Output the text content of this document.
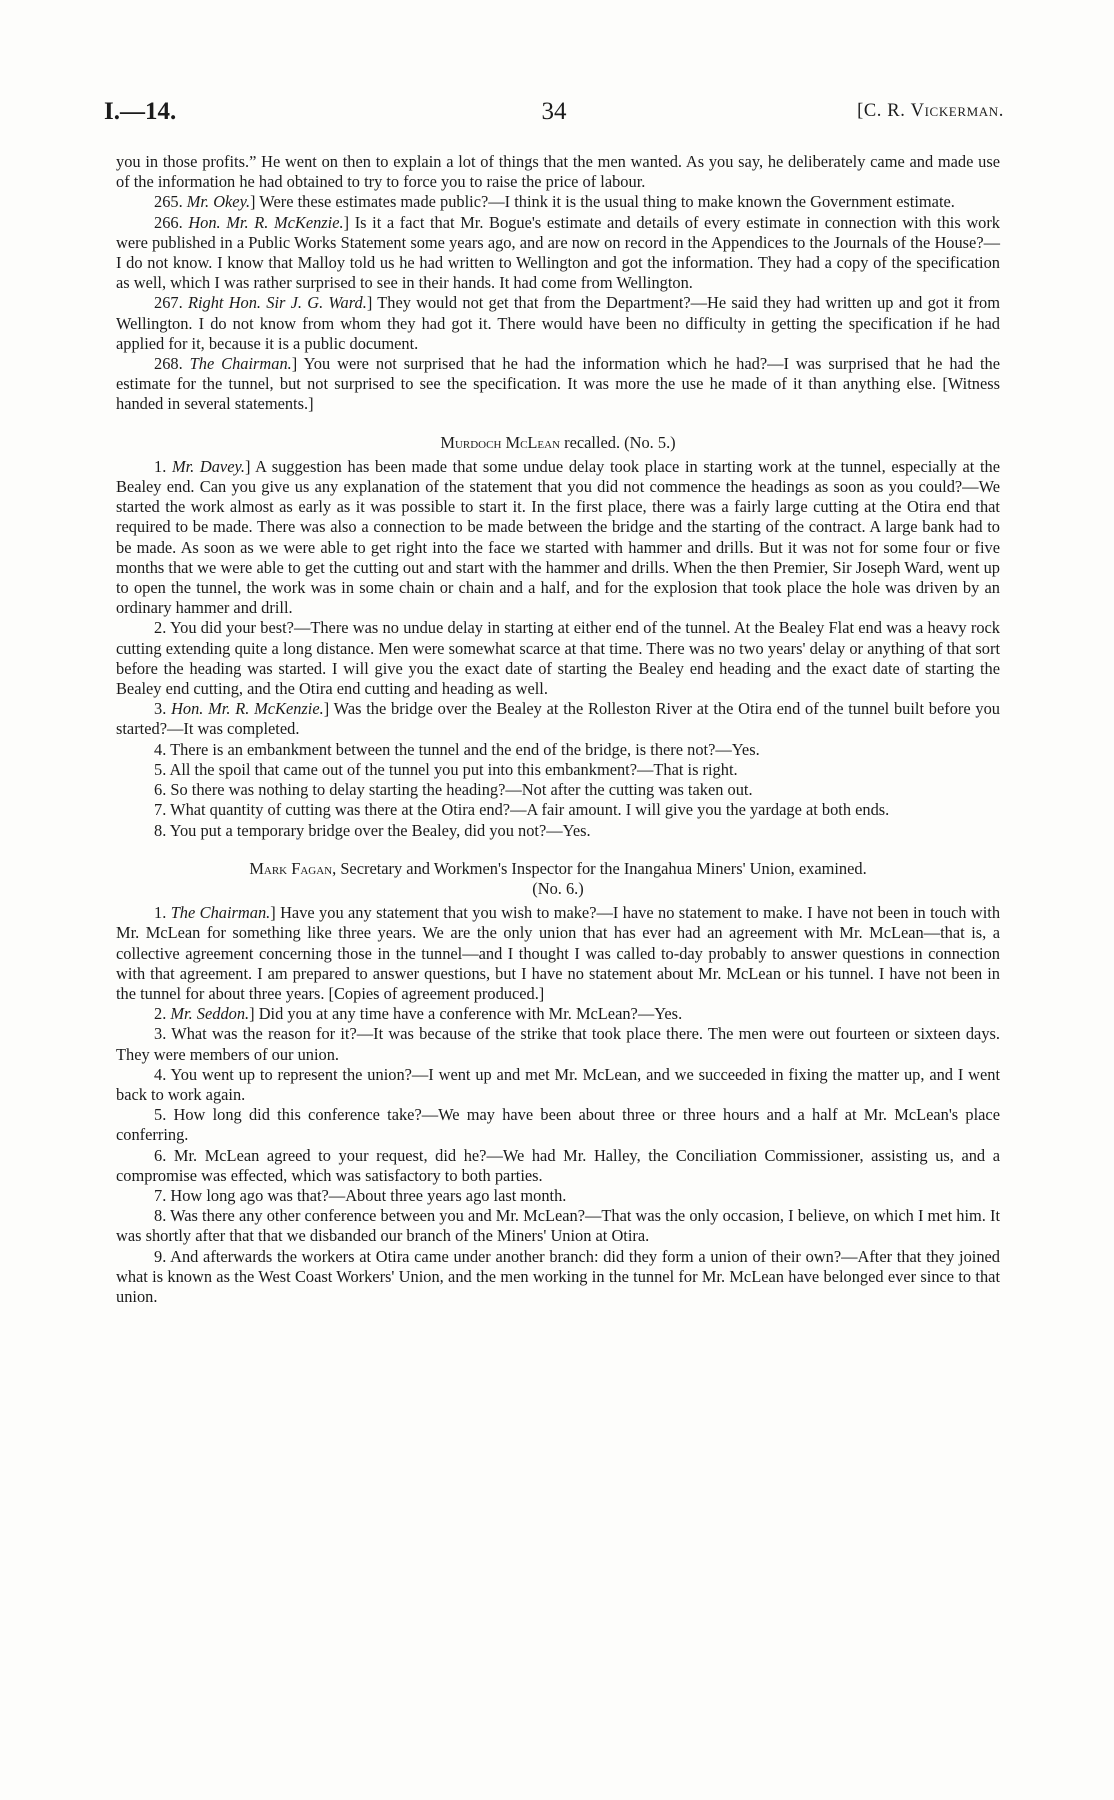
I.—14.	34	[C. R. Vickerman.

you in those profits.” He went on then to explain a lot of things that the men wanted. As you say, he deliberately came and made use of the information he had obtained to try to force you to raise the price of labour.

265. Mr. Okey.] Were these estimates made public?—I think it is the usual thing to make known the Government estimate.

266. Hon. Mr. R. McKenzie.] Is it a fact that Mr. Bogue's estimate and details of every estimate in connection with this work were published in a Public Works Statement some years ago, and are now on record in the Appendices to the Journals of the House?—I do not know. I know that Malloy told us he had written to Wellington and got the information. They had a copy of the specification as well, which I was rather surprised to see in their hands. It had come from Wellington.

267. Right Hon. Sir J. G. Ward.] They would not get that from the Department?—He said they had written up and got it from Wellington. I do not know from whom they had got it. There would have been no difficulty in getting the specification if he had applied for it, because it is a public document.

268. The Chairman.] You were not surprised that he had the information which he had?—I was surprised that he had the estimate for the tunnel, but not surprised to see the specification. It was more the use he made of it than anything else. [Witness handed in several statements.]

Murdoch McLean recalled. (No. 5.)

1. Mr. Davey.] A suggestion has been made that some undue delay took place in starting work at the tunnel, especially at the Bealey end. Can you give us any explanation of the statement that you did not commence the headings as soon as you could?—We started the work almost as early as it was possible to start it. In the first place, there was a fairly large cutting at the Otira end that required to be made. There was also a connection to be made between the bridge and the starting of the contract. A large bank had to be made. As soon as we were able to get right into the face we started with hammer and drills. But it was not for some four or five months that we were able to get the cutting out and start with the hammer and drills. When the then Premier, Sir Joseph Ward, went up to open the tunnel, the work was in some chain or chain and a half, and for the explosion that took place the hole was driven by an ordinary hammer and drill.

2. You did your best?—There was no undue delay in starting at either end of the tunnel. At the Bealey Flat end was a heavy rock cutting extending quite a long distance. Men were somewhat scarce at that time. There was no two years' delay or anything of that sort before the heading was started. I will give you the exact date of starting the Bealey end heading and the exact date of starting the Bealey end cutting, and the Otira end cutting and heading as well.

3. Hon. Mr. R. McKenzie.] Was the bridge over the Bealey at the Rolleston River at the Otira end of the tunnel built before you started?—It was completed.

4. There is an embankment between the tunnel and the end of the bridge, is there not?—Yes.

5. All the spoil that came out of the tunnel you put into this embankment?—That is right.

6. So there was nothing to delay starting the heading?—Not after the cutting was taken out.

7. What quantity of cutting was there at the Otira end?—A fair amount. I will give you the yardage at both ends.

8. You put a temporary bridge over the Bealey, did you not?—Yes.

Mark Fagan, Secretary and Workmen's Inspector for the Inangahua Miners' Union, examined.
(No. 6.)

1. The Chairman.] Have you any statement that you wish to make?—I have no statement to make. I have not been in touch with Mr. McLean for something like three years. We are the only union that has ever had an agreement with Mr. McLean—that is, a collective agreement concerning those in the tunnel—and I thought I was called to-day probably to answer questions in connection with that agreement. I am prepared to answer questions, but I have no statement about Mr. McLean or his tunnel. I have not been in the tunnel for about three years. [Copies of agreement produced.]

2. Mr. Seddon.] Did you at any time have a conference with Mr. McLean?—Yes.

3. What was the reason for it?—It was because of the strike that took place there. The men were out fourteen or sixteen days. They were members of our union.

4. You went up to represent the union?—I went up and met Mr. McLean, and we succeeded in fixing the matter up, and I went back to work again.

5. How long did this conference take?—We may have been about three or three hours and a half at Mr. McLean's place conferring.

6. Mr. McLean agreed to your request, did he?—We had Mr. Halley, the Conciliation Commissioner, assisting us, and a compromise was effected, which was satisfactory to both parties.

7. How long ago was that?—About three years ago last month.

8. Was there any other conference between you and Mr. McLean?—That was the only occasion, I believe, on which I met him. It was shortly after that that we disbanded our branch of the Miners' Union at Otira.

9. And afterwards the workers at Otira came under another branch: did they form a union of their own?—After that they joined what is known as the West Coast Workers' Union, and the men working in the tunnel for Mr. McLean have belonged ever since to that union.
